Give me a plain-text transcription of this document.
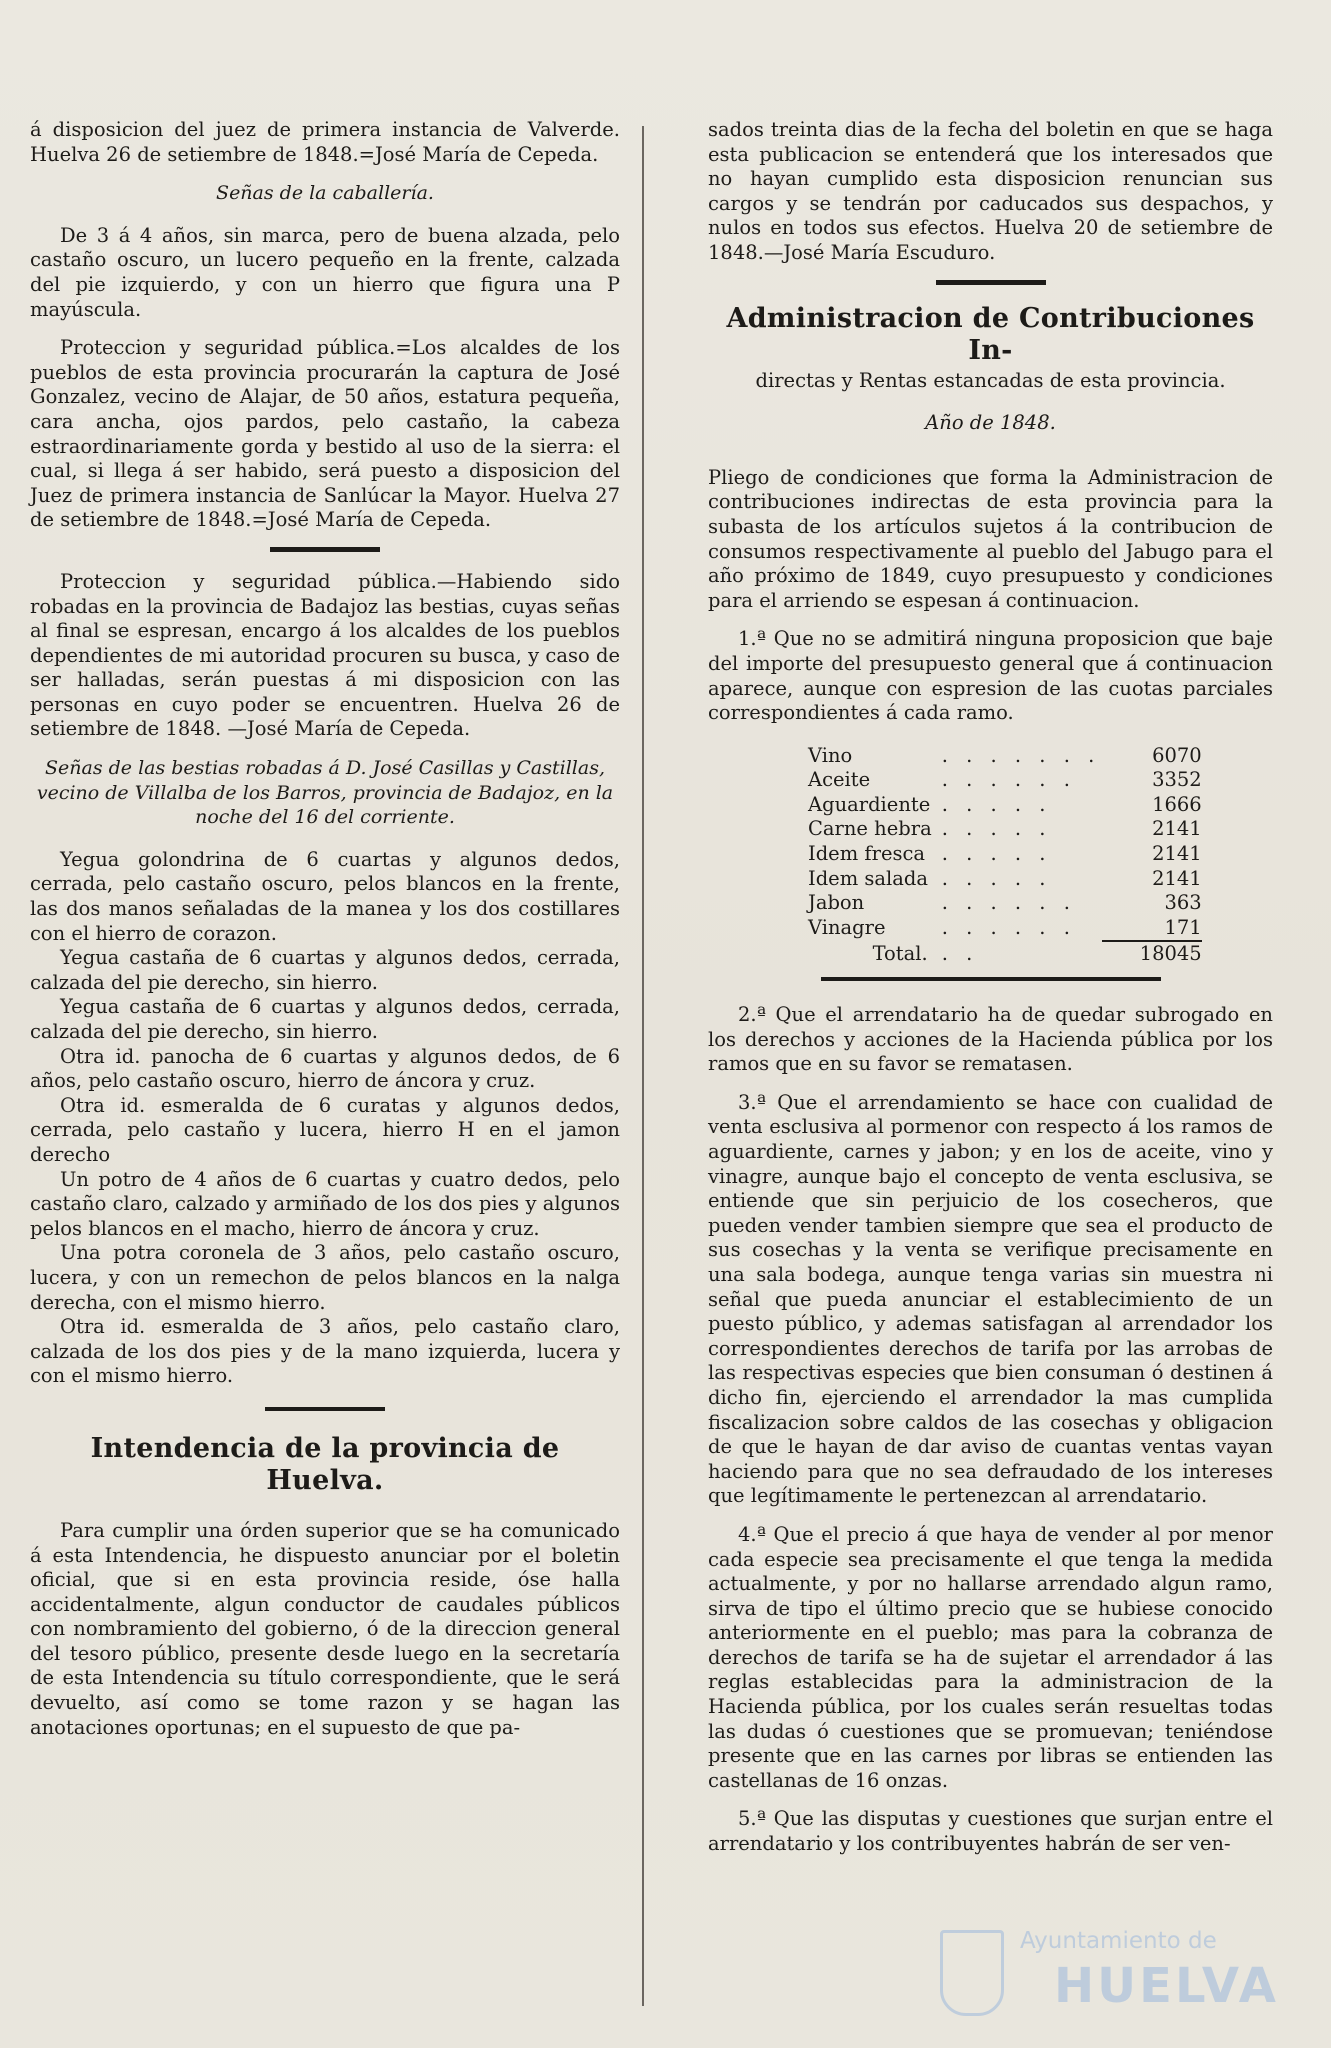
á disposicion del juez de primera instancia de Valverde. Huelva 26 de setiembre de 1848.=José María de Cepeda.

Señas de la caballería.

De 3 á 4 años, sin marca, pero de buena alzada, pelo castaño oscuro, un lucero pequeño en la frente, calzada del pie izquierdo, y con un hierro que figura una P mayúscula.

Proteccion y seguridad pública.=Los alcaldes de los pueblos de esta provincia procurarán la captura de José Gonzalez, vecino de Alajar, de 50 años, estatura pequeña, cara ancha, ojos pardos, pelo castaño, la cabeza estraordinariamente gorda y bestido al uso de la sierra: el cual, si llega á ser habido, será puesto a disposicion del Juez de primera instancia de Sanlúcar la Mayor. Huelva 27 de setiembre de 1848.=José María de Cepeda.

Proteccion y seguridad pública.—Habiendo sido robadas en la provincia de Badajoz las bestias, cuyas señas al final se espresan, encargo á los alcaldes de los pueblos dependientes de mi autoridad procuren su busca, y caso de ser halladas, serán puestas á mi disposicion con las personas en cuyo poder se encuentren. Huelva 26 de setiembre de 1848. —José María de Cepeda.

Señas de las bestias robadas á D. José Casillas y Castillas, vecino de Villalba de los Barros, provincia de Badajoz, en la noche del 16 del corriente.

Yegua golondrina de 6 cuartas y algunos dedos, cerrada, pelo castaño oscuro, pelos blancos en la frente, las dos manos señaladas de la manea y los dos costillares con el hierro de corazon.

Yegua castaña de 6 cuartas y algunos dedos, cerrada, calzada del pie derecho, sin hierro.

Yegua castaña de 6 cuartas y algunos dedos, cerrada, calzada del pie derecho, sin hierro.

Otra id. panocha de 6 cuartas y algunos dedos, de 6 años, pelo castaño oscuro, hierro de áncora y cruz.

Otra id. esmeralda de 6 curatas y algunos dedos, cerrada, pelo castaño y lucera, hierro H en el jamon derecho

Un potro de 4 años de 6 cuartas y cuatro dedos, pelo castaño claro, calzado y armiñado de los dos pies y algunos pelos blancos en el macho, hierro de áncora y cruz.

Una potra coronela de 3 años, pelo castaño oscuro, lucera, y con un remechon de pelos blancos en la nalga derecha, con el mismo hierro.

Otra id. esmeralda de 3 años, pelo castaño claro, calzada de los dos pies y de la mano izquierda, lucera y con el mismo hierro.

Intendencia de la provincia de Huelva.

Para cumplir una órden superior que se ha comunicado á esta Intendencia, he dispuesto anunciar por el boletin oficial, que si en esta provincia reside, óse halla accidentalmente, algun conductor de caudales públicos con nombramiento del gobierno, ó de la direccion general del tesoro público, presente desde luego en la secretaría de esta Intendencia su título correspondiente, que le será devuelto, así como se tome razon y se hagan las anotaciones oportunas; en el supuesto de que pa-

sados treinta dias de la fecha del boletin en que se haga esta publicacion se entenderá que los interesados que no hayan cumplido esta disposicion renuncian sus cargos y se tendrán por caducados sus despachos, y nulos en todos sus efectos. Huelva 20 de setiembre de 1848.—José María Escuduro.

Administracion de Contribuciones In-
directas y Rentas estancadas de esta provincia.
Año de 1848.

Pliego de condiciones que forma la Administracion de contribuciones indirectas de esta provincia para la subasta de los artículos sujetos á la contribucion de consumos respectivamente al pueblo del Jabugo para el año próximo de 1849, cuyo presupuesto y condiciones para el arriendo se espesan á continuacion.

1.ª Que no se admitirá ninguna proposicion que baje del importe del presupuesto general que á continuacion aparece, aunque con espresion de las cuotas parciales correspondientes á cada ramo.

Vino	. . . . . . .	6070
Aceite	. . . . . .	3352
Aguardiente	. . . . .	1666
Carne hebra	. . . . .	2141
Idem fresca	. . . . .	2141
Idem salada	. . . . .	2141
Jabon	. . . . . .	363
Vinagre	. . . . . .	171
Total.	. .	18045

2.ª Que el arrendatario ha de quedar subrogado en los derechos y acciones de la Hacienda pública por los ramos que en su favor se rematasen.

3.ª Que el arrendamiento se hace con cualidad de venta esclusiva al pormenor con respecto á los ramos de aguardiente, carnes y jabon; y en los de aceite, vino y vinagre, aunque bajo el concepto de venta esclusiva, se entiende que sin perjuicio de los cosecheros, que pueden vender tambien siempre que sea el producto de sus cosechas y la venta se verifique precisamente en una sala bodega, aunque tenga varias sin muestra ni señal que pueda anunciar el establecimiento de un puesto público, y ademas satisfagan al arrendador los correspondientes derechos de tarifa por las arrobas de las respectivas especies que bien consuman ó destinen á dicho fin, ejerciendo el arrendador la mas cumplida fiscalizacion sobre caldos de las cosechas y obligacion de que le hayan de dar aviso de cuantas ventas vayan haciendo para que no sea defraudado de los intereses que legítimamente le pertenezcan al arrendatario.

4.ª Que el precio á que haya de vender al por menor cada especie sea precisamente el que tenga la medida actualmente, y por no hallarse arrendado algun ramo, sirva de tipo el último precio que se hubiese conocido anteriormente en el pueblo; mas para la cobranza de derechos de tarifa se ha de sujetar el arrendador á las reglas establecidas para la administracion de la Hacienda pública, por los cuales serán resueltas todas las dudas ó cuestiones que se promuevan; teniéndose presente que en las carnes por libras se entienden las castellanas de 16 onzas.

5.ª Que las disputas y cuestiones que surjan entre el arrendatario y los contribuyentes habrán de ser ven-

Ayuntamiento de
HUELVA
